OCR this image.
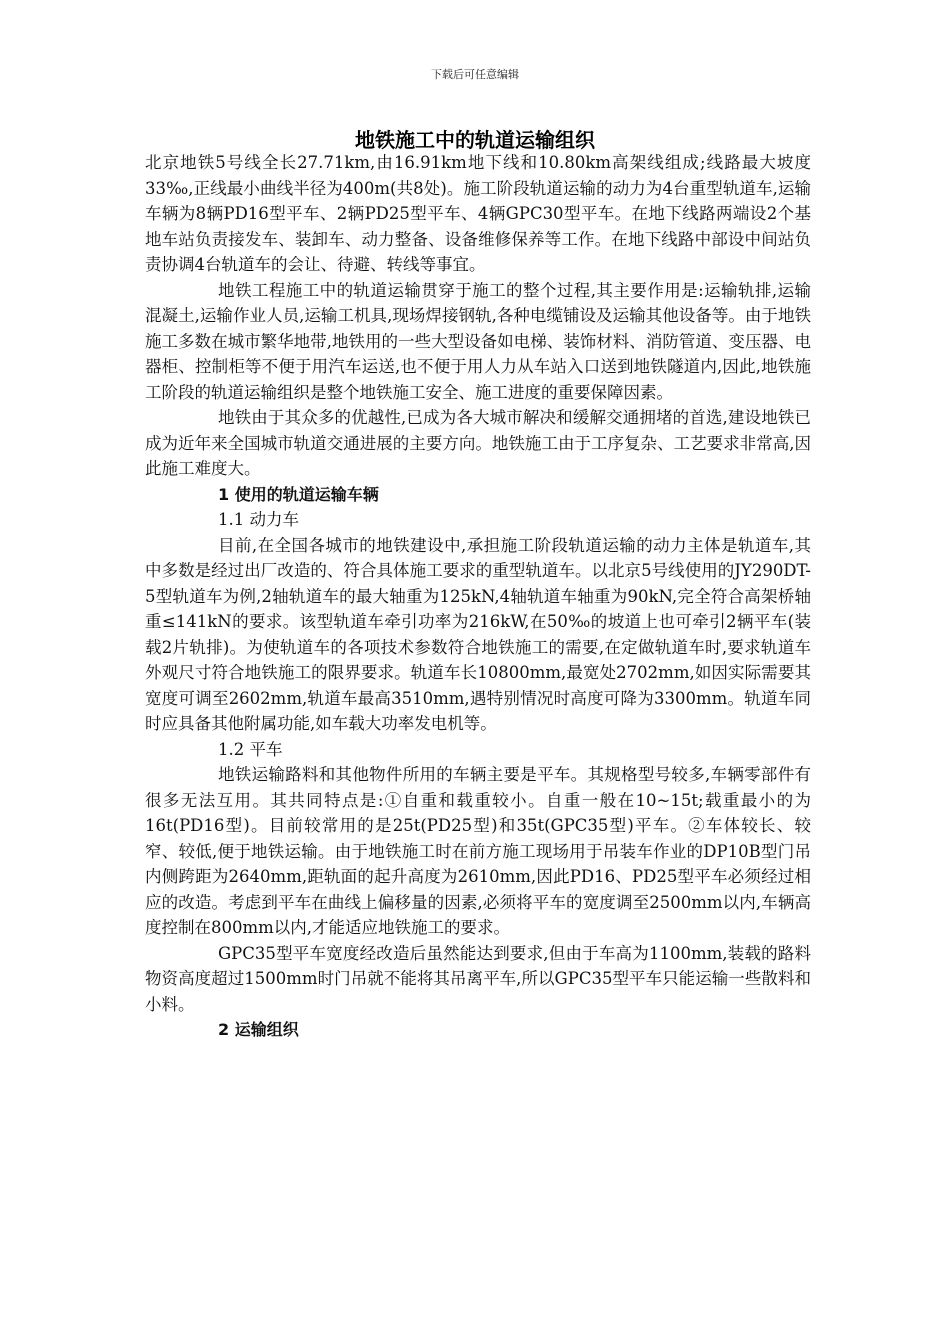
下载后可任意编辑
地铁施工中的轨道运输组织

北京地铁5号线全长27.71km,由16.91km地下线和10.80km高架线组成;线路最大坡度33‰,正线最小曲线半径为400m(共8处)。施工阶段轨道运输的动力为4台重型轨道车,运输车辆为8辆PD16型平车、2辆PD25型平车、4辆GPC30型平车。在地下线路两端设2个基地车站负责接发车、装卸车、动力整备、设备维修保养等工作。在地下线路中部设中间站负责协调4台轨道车的会让、待避、转线等事宜。

地铁工程施工中的轨道运输贯穿于施工的整个过程,其主要作用是:运输轨排,运输混凝土,运输作业人员,运输工机具,现场焊接钢轨,各种电缆铺设及运输其他设备等。由于地铁施工多数在城市繁华地带,地铁用的一些大型设备如电梯、装饰材料、消防管道、变压器、电器柜、控制柜等不便于用汽车运送,也不便于用人力从车站入口送到地铁隧道内,因此,地铁施工阶段的轨道运输组织是整个地铁施工安全、施工进度的重要保障因素。

地铁由于其众多的优越性,已成为各大城市解决和缓解交通拥堵的首选,建设地铁已成为近年来全国城市轨道交通进展的主要方向。地铁施工由于工序复杂、工艺要求非常高,因此施工难度大。

1 使用的轨道运输车辆
1.1 动力车

目前,在全国各城市的地铁建设中,承担施工阶段轨道运输的动力主体是轨道车,其中多数是经过出厂改造的、符合具体施工要求的重型轨道车。以北京5号线使用的JY290DT-5型轨道车为例,2轴轨道车的最大轴重为125kN,4轴轨道车轴重为90kN,完全符合高架桥轴重≤141kN的要求。该型轨道车牵引功率为216kW,在50‰的坡道上也可牵引2辆平车(装载2片轨排)。为使轨道车的各项技术参数符合地铁施工的需要,在定做轨道车时,要求轨道车外观尺寸符合地铁施工的限界要求。轨道车长10800mm,最宽处2702mm,如因实际需要其宽度可调至2602mm,轨道车最高3510mm,遇特别情况时高度可降为3300mm。轨道车同时应具备其他附属功能,如车载大功率发电机等。

1.2 平车

地铁运输路料和其他物件所用的车辆主要是平车。其规格型号较多,车辆零部件有很多无法互用。其共同特点是:①自重和载重较小。自重一般在10~15t;载重最小的为16t(PD16型)。目前较常用的是25t(PD25型)和35t(GPC35型)平车。②车体较长、较窄、较低,便于地铁运输。由于地铁施工时在前方施工现场用于吊装车作业的DP10B型门吊内侧跨距为2640mm,距轨面的起升高度为2610mm,因此PD16、PD25型平车必须经过相应的改造。考虑到平车在曲线上偏移量的因素,必须将平车的宽度调至2500mm以内,车辆高度控制在800mm以内,才能适应地铁施工的要求。

GPC35型平车宽度经改造后虽然能达到要求,但由于车高为1100mm,装载的路料物资高度超过1500mm时门吊就不能将其吊离平车,所以GPC35型平车只能运输一些散料和小料。

2 运输组织
